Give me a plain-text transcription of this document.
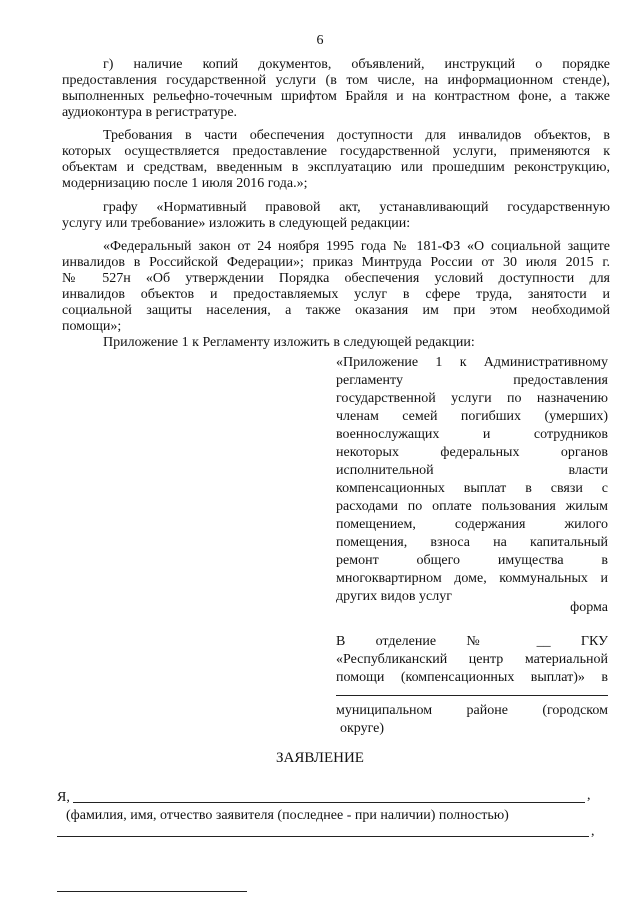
6
г) наличие копий документов, объявлений, инструкций о порядке
предоставления государственной услуги (в том числе, на информационном стенде),
выполненных рельефно-точечным шрифтом Брайля и на контрастном фоне, а также
аудиоконтура в регистратуре.
Требования в части обеспечения доступности для инвалидов объектов, в
которых осуществляется предоставление государственной услуги, применяются к
объектам и средствам, введенным в эксплуатацию или прошедшим реконструкцию,
модернизацию после 1 июля 2016 года.»;
графу «Нормативный правовой акт, устанавливающий государственную
услугу или требование» изложить в следующей редакции:
«Федеральный закон от 24 ноября 1995 года № 181-ФЗ «О социальной защите
инвалидов в Российской Федерации»; приказ Минтруда России от 30 июля 2015 г.
№ 527н «Об утверждении Порядка обеспечения условий доступности для
инвалидов объектов и предоставляемых услуг в сфере труда, занятости и
социальной защиты населения, а также оказания им при этом необходимой
помощи»;
Приложение 1 к Регламенту изложить в следующей редакции:
«Приложение 1 к Административному
регламенту предоставления
государственной услуги по назначению
членам семей погибших (умерших)
военнослужащих и сотрудников
некоторых федеральных органов
исполнительной власти
компенсационных выплат в связи с
расходами по оплате пользования жилым
помещением, содержания жилого
помещения, взноса на капитальный
ремонт общего имущества в
многоквартирном доме, коммунальных и
других видов услуг
форма
В отделение № __ ГКУ
«Республиканский центр материальной
помощи (компенсационных выплат)» в
муниципальном районе (городском
округе)
ЗАЯВЛЕНИЕ
Я,	,
(фамилия, имя, отчество заявителя (последнее - при наличии) полностью)
,
